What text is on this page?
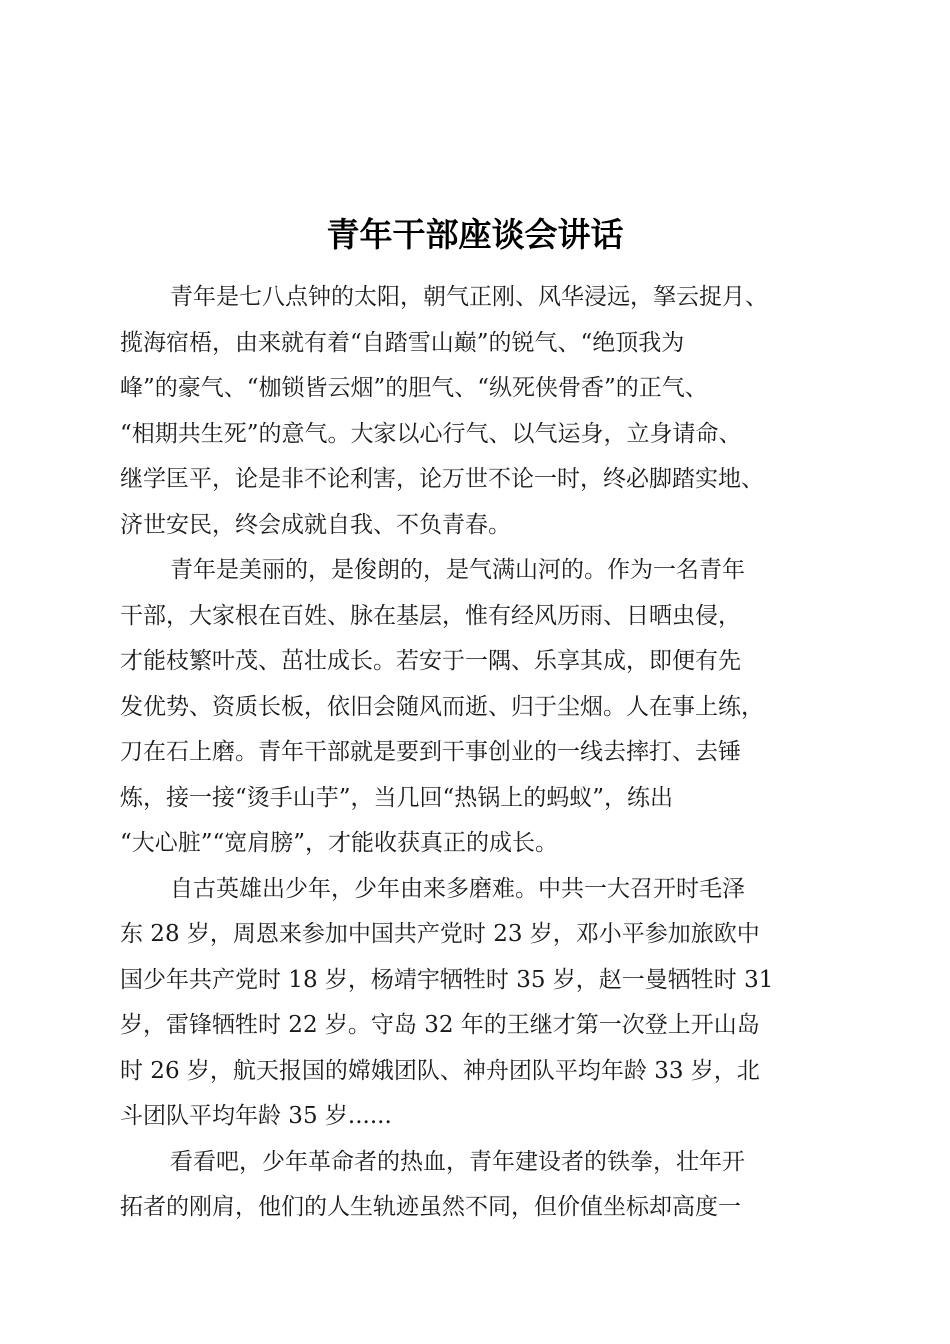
青年干部座谈会讲话
青年是七八点钟的太阳，朝气正刚、风华浸远，拏云捉月、
揽海宿梧，由来就有着“自踏雪山巅”的锐气、“绝顶我为
峰”的豪气、“枷锁皆云烟”的胆气、“纵死侠骨香”的正气、
“相期共生死”的意气。大家以心行气、以气运身，立身请命、
继学匡平，论是非不论利害，论万世不论一时，终必脚踏实地、
济世安民，终会成就自我、不负青春。
青年是美丽的，是俊朗的，是气满山河的。作为一名青年
干部，大家根在百姓、脉在基层，惟有经风历雨、日晒虫侵，
才能枝繁叶茂、茁壮成长。若安于一隅、乐享其成，即便有先
发优势、资质长板，依旧会随风而逝、归于尘烟。人在事上练，
刀在石上磨。青年干部就是要到干事创业的一线去摔打、去锤
炼，接一接“烫手山芋”，当几回“热锅上的蚂蚁”，练出
“大心脏”“宽肩膀”，才能收获真正的成长。
自古英雄出少年，少年由来多磨难。中共一大召开时毛泽
东 28 岁，周恩来参加中国共产党时 23 岁，邓小平参加旅欧中
国少年共产党时 18 岁，杨靖宇牺牲时 35 岁，赵一曼牺牲时 31
岁，雷锋牺牲时 22 岁。守岛 32 年的王继才第一次登上开山岛
时 26 岁，航天报国的嫦娥团队、神舟团队平均年龄 33 岁，北
斗团队平均年龄 35 岁......
看看吧，少年革命者的热血，青年建设者的铁拳，壮年开
拓者的刚肩，他们的人生轨迹虽然不同，但价值坐标却高度一
